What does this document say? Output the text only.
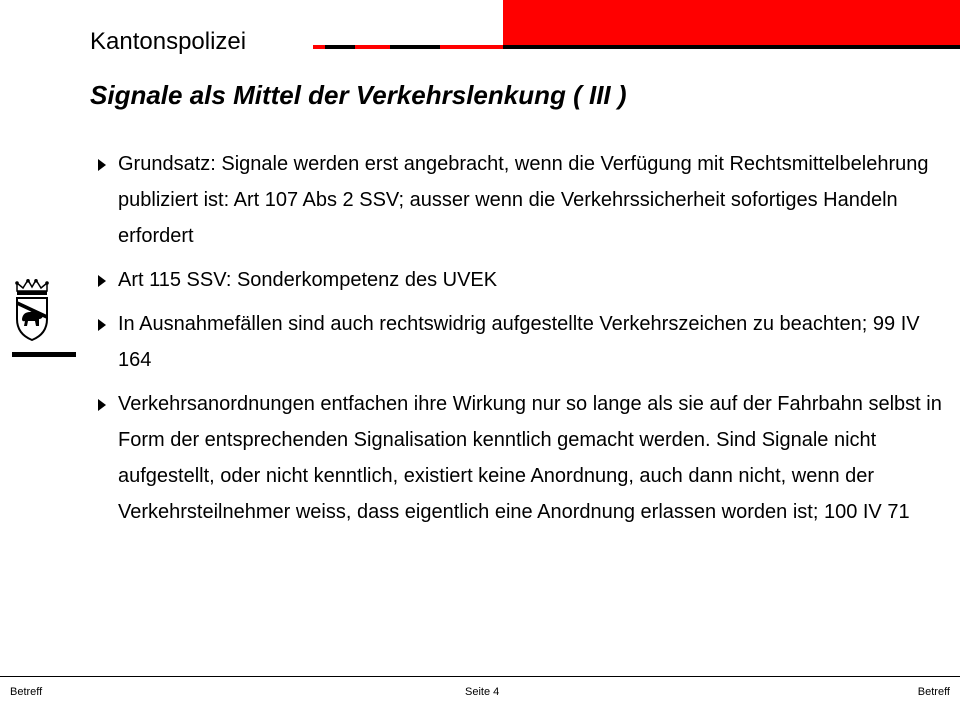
Kantonspolizei
Signale als Mittel der Verkehrslenkung ( III )
Grundsatz: Signale werden erst angebracht, wenn die Verfügung mit Rechtsmittelbelehrung publiziert ist: Art 107 Abs 2 SSV; ausser wenn die Verkehrssicherheit sofortiges Handeln erfordert
Art 115 SSV: Sonderkompetenz des UVEK
In Ausnahmefällen sind auch rechtswidrig aufgestellte Verkehrszeichen zu beachten; 99 IV 164
Verkehrsanordnungen entfachen ihre Wirkung nur so lange als sie auf der Fahrbahn selbst in Form der entsprechenden Signalisation kenntlich gemacht werden. Sind Signale nicht aufgestellt, oder nicht kenntlich, existiert keine Anordnung, auch dann nicht, wenn der Verkehrsteilnehmer weiss, dass eigentlich eine Anordnung erlassen worden ist; 100 IV 71
Betreff	Seite 4	Betreff
